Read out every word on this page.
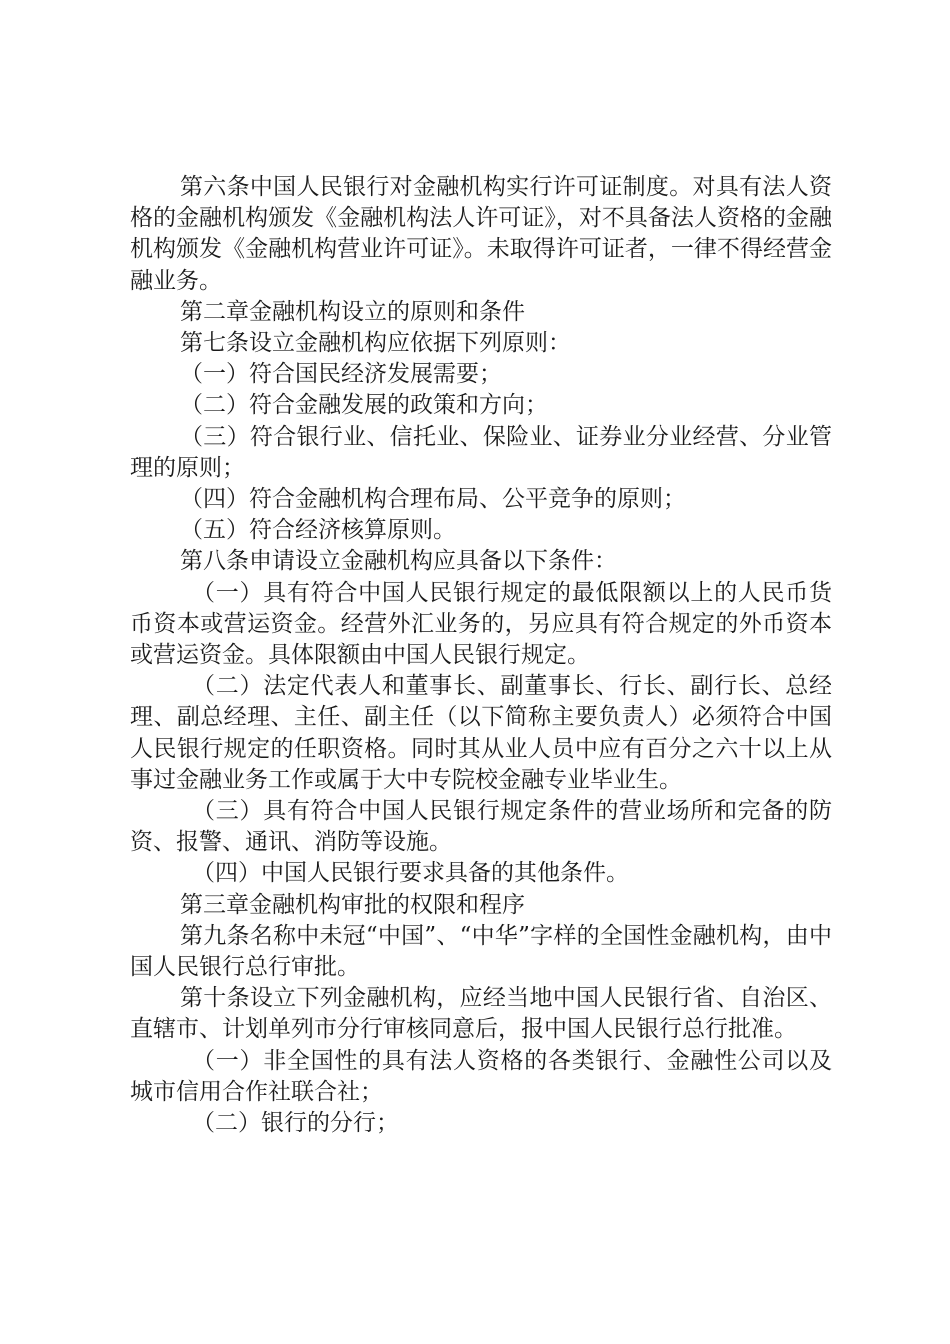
第六条中国人民银行对金融机构实行许可证制度。对具有法人资格的金融机构颁发《金融机构法人许可证》，对不具备法人资格的金融机构颁发《金融机构营业许可证》。未取得许可证者，一律不得经营金融业务。

第二章金融机构设立的原则和条件

第七条设立金融机构应依据下列原则：

（一）符合国民经济发展需要；

（二）符合金融发展的政策和方向；

（三）符合银行业、信托业、保险业、证券业分业经营、分业管理的原则；

（四）符合金融机构合理布局、公平竞争的原则；

（五）符合经济核算原则。

第八条申请设立金融机构应具备以下条件：

（一）具有符合中国人民银行规定的最低限额以上的人民币货币资本或营运资金。经营外汇业务的，另应具有符合规定的外币资本或营运资金。具体限额由中国人民银行规定。

（二）法定代表人和董事长、副董事长、行长、副行长、总经理、副总经理、主任、副主任（以下简称主要负责人）必须符合中国人民银行规定的任职资格。同时其从业人员中应有百分之六十以上从事过金融业务工作或属于大中专院校金融专业毕业生。

（三）具有符合中国人民银行规定条件的营业场所和完备的防资、报警、通讯、消防等设施。

（四）中国人民银行要求具备的其他条件。

第三章金融机构审批的权限和程序

第九条名称中未冠“中国”、“中华”字样的全国性金融机构，由中国人民银行总行审批。

第十条设立下列金融机构，应经当地中国人民银行省、自治区、直辖市、计划单列市分行审核同意后，报中国人民银行总行批准。

（一）非全国性的具有法人资格的各类银行、金融性公司以及城市信用合作社联合社；

（二）银行的分行；
